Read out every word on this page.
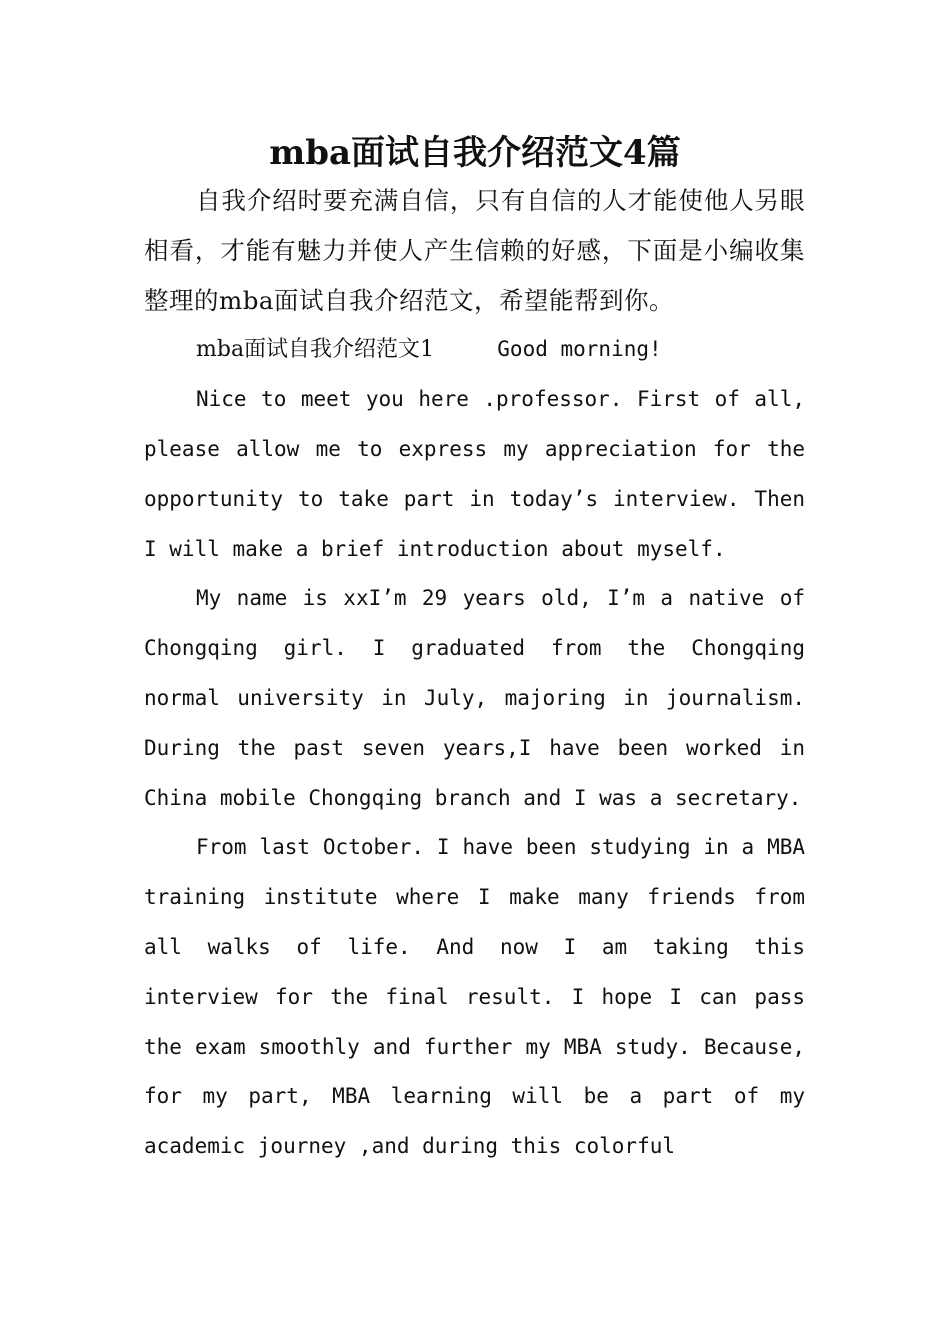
mba面试自我介绍范文4篇

自我介绍时要充满自信，只有自信的人才能使他人另眼相看，才能有魅力并使人产生信赖的好感，下面是小编收集整理的mba面试自我介绍范文，希望能帮到你。

mba面试自我介绍范文1	Good morning!

Nice to meet you here .professor. First of all, please allow me to express my appreciation for the opportunity to take part in today’s interview. Then I will make a brief introduction about myself.

My name is xxI’m 29 years old, I’m a native of Chongqing girl. I graduated from the Chongqing normal university in July, majoring in journalism. During the past seven years,I have been worked in China mobile Chongqing branch and I was a secretary.

From last October. I have been studying in a MBA training institute where I make many friends from all walks of life. And now I am taking this interview for the final result. I hope I can pass the exam smoothly and further my MBA study. Because, for my part, MBA learning will be a part of my academic journey ,and during this colorful
